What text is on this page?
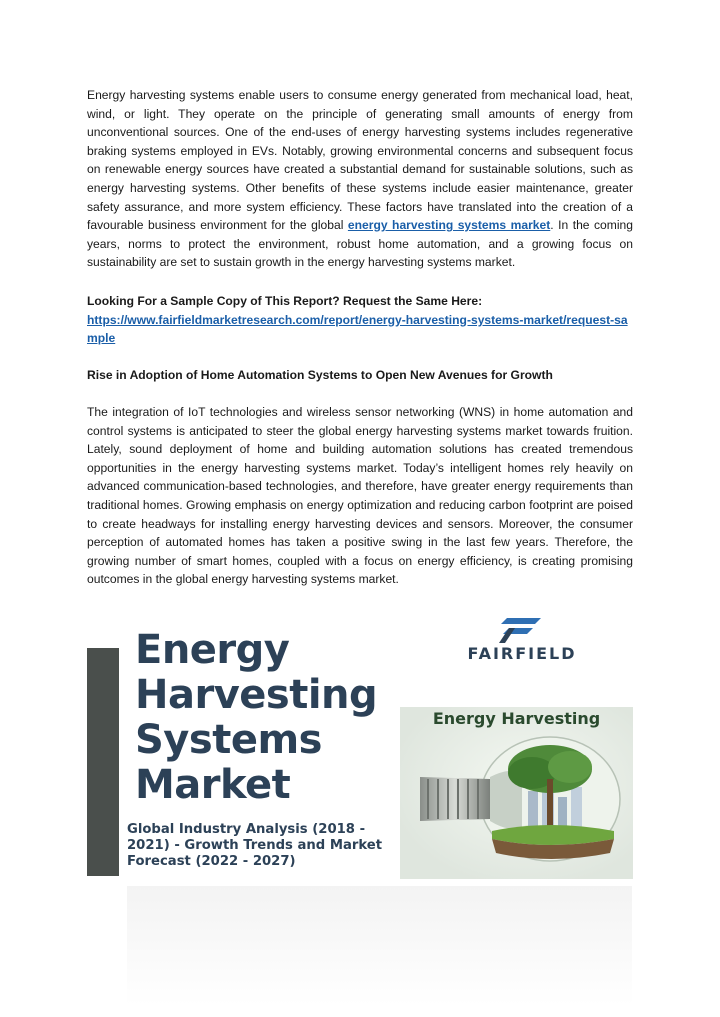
Energy harvesting systems enable users to consume energy generated from mechanical load, heat, wind, or light. They operate on the principle of generating small amounts of energy from unconventional sources. One of the end-uses of energy harvesting systems includes regenerative braking systems employed in EVs. Notably, growing environmental concerns and subsequent focus on renewable energy sources have created a substantial demand for sustainable solutions, such as energy harvesting systems. Other benefits of these systems include easier maintenance, greater safety assurance, and more system efficiency. These factors have translated into the creation of a favourable business environment for the global energy harvesting systems market. In the coming years, norms to protect the environment, robust home automation, and a growing focus on sustainability are set to sustain growth in the energy harvesting systems market.

Looking For a Sample Copy of This Report? Request the Same Here:

https://www.fairfieldmarketresearch.com/report/energy-harvesting-systems-market/request-sample

Rise in Adoption of Home Automation Systems to Open New Avenues for Growth

The integration of IoT technologies and wireless sensor networking (WNS) in home automation and control systems is anticipated to steer the global energy harvesting systems market towards fruition. Lately, sound deployment of home and building automation solutions has created tremendous opportunities in the energy harvesting systems market. Today’s intelligent homes rely heavily on advanced communication-based technologies, and therefore, have greater energy requirements than traditional homes. Growing emphasis on energy optimization and reducing carbon footprint are poised to create headways for installing energy harvesting devices and sensors. Moreover, the consumer perception of automated homes has taken a positive swing in the last few years. Therefore, the growing number of smart homes, coupled with a focus on energy efficiency, is creating promising outcomes in the global energy harvesting systems market.

Energy
Harvesting
Systems
Market

Global Industry Analysis (2018 - 2021) - Growth Trends and Market Forecast (2022 - 2027)

FAIRFIELD
Energy Harvesting
